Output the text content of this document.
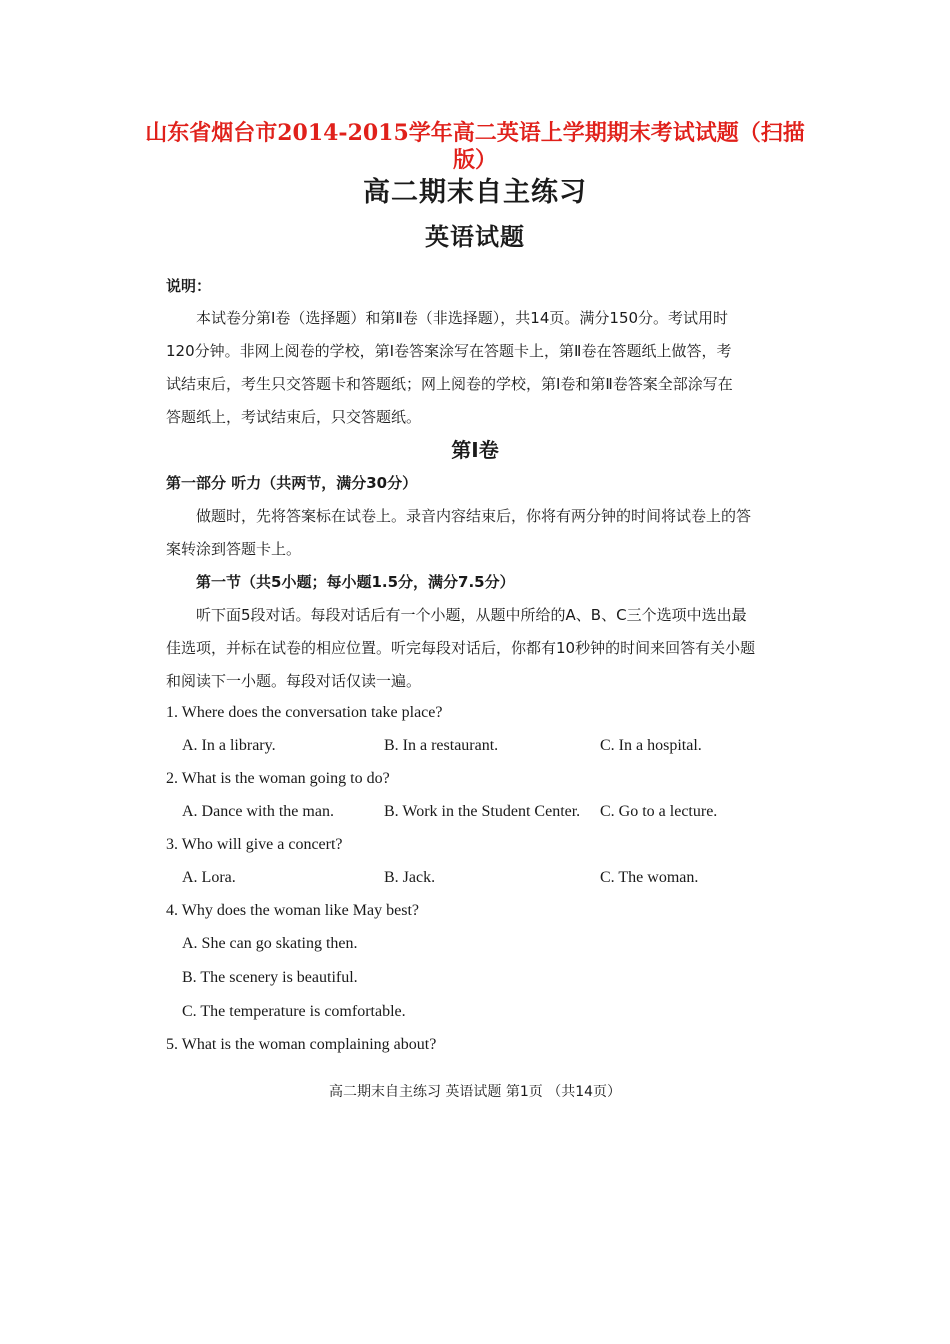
山东省烟台市2014-2015学年高二英语上学期期末考试试题（扫描
版）
高二期末自主练习
英语试题
说明：
本试卷分第Ⅰ卷（选择题）和第Ⅱ卷（非选择题），共14页。满分150分。考试用时
120分钟。非网上阅卷的学校，第Ⅰ卷答案涂写在答题卡上，第Ⅱ卷在答题纸上做答，考
试结束后，考生只交答题卡和答题纸；网上阅卷的学校，第Ⅰ卷和第Ⅱ卷答案全部涂写在
答题纸上，考试结束后，只交答题纸。
第Ⅰ卷
第一部分 听力（共两节，满分30分）
做题时，先将答案标在试卷上。录音内容结束后，你将有两分钟的时间将试卷上的答
案转涂到答题卡上。
第一节（共5小题；每小题1.5分，满分7.5分）
听下面5段对话。每段对话后有一个小题，从题中所给的A、B、C三个选项中选出最
佳选项，并标在试卷的相应位置。听完每段对话后，你都有10秒钟的时间来回答有关小题
和阅读下一小题。每段对话仅读一遍。
1. Where does the conversation take place?
A. In a library.	B. In a restaurant.	C. In a hospital.
2. What is the woman going to do?
A. Dance with the man.	B. Work in the Student Center. C. Go to a lecture.
3. Who will give a concert?
A. Lora.	B. Jack.	C. The woman.
4. Why does the woman like May best?
A. She can go skating then.
B. The scenery is beautiful.
C. The temperature is comfortable.
5. What is the woman complaining about?
高二期末自主练习 英语试题 第1页 （共14页）
